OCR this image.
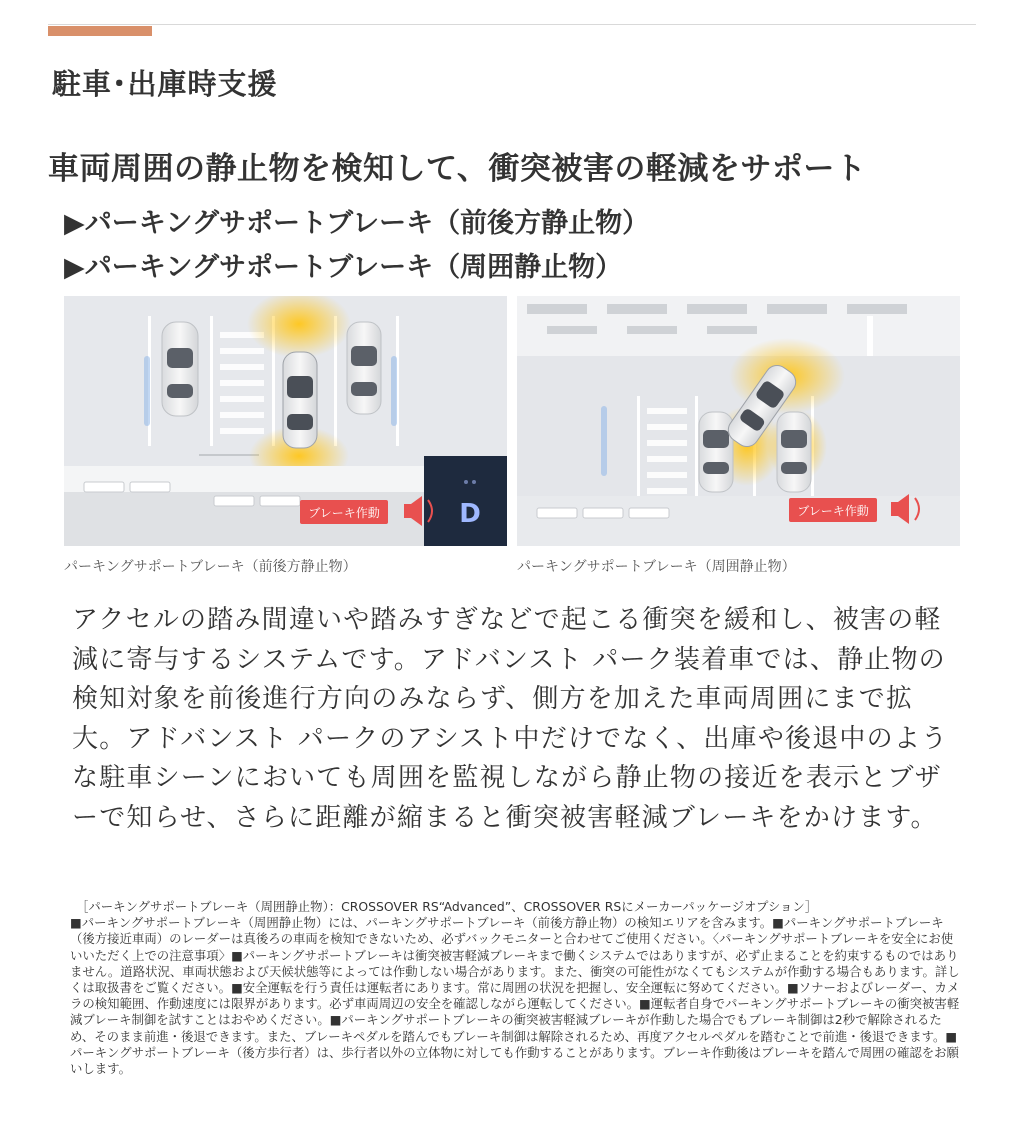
駐車･出庫時支援
車両周囲の静止物を検知して、衝突被害の軽減をサポート
▶パーキングサポートブレーキ（前後方静止物）
▶パーキングサポートブレーキ（周囲静止物）
ブレーキ作動	D	ブレーキ作動
パーキングサポートブレーキ（前後方静止物）	パーキングサポートブレーキ（周囲静止物）
アクセルの踏み間違いや踏みすぎなどで起こる衝突を緩和し、被害の軽減に寄与するシステムです。アドバンスト パーク装着車では、静止物の検知対象を前後進行方向のみならず、側方を加えた車両周囲にまで拡大。アドバンスト パークのアシスト中だけでなく、出庫や後退中のような駐車シーンにおいても周囲を監視しながら静止物の接近を表示とブザーで知らせ、さらに距離が縮まると衝突被害軽減ブレーキをかけます。

［パーキングサポートブレーキ（周囲静止物）：CROSSOVER RS“Advanced”、CROSSOVER RSにメーカーパッケージオプション］

■パーキングサポートブレーキ（周囲静止物）には、パーキングサポートブレーキ（前後方静止物）の検知エリアを含みます。■パーキングサポートブレーキ（後方接近車両）のレーダーは真後ろの車両を検知できないため、必ずバックモニターと合わせてご使用ください。〈パーキングサポートブレーキを安全にお使いいただく上での注意事項〉■パーキングサポートブレーキは衝突被害軽減ブレーキまで働くシステムではありますが、必ず止まることを約束するものではありません。道路状況、車両状態および天候状態等によっては作動しない場合があります。また、衝突の可能性がなくてもシステムが作動する場合もあります。詳しくは取扱書をご覧ください。■安全運転を行う責任は運転者にあります。常に周囲の状況を把握し、安全運転に努めてください。■ソナーおよびレーダー、カメラの検知範囲、作動速度には限界があります。必ず車両周辺の安全を確認しながら運転してください。■運転者自身でパーキングサポートブレーキの衝突被害軽減ブレーキ制御を試すことはおやめください。■パーキングサポートブレーキの衝突被害軽減ブレーキが作動した場合でもブレーキ制御は2秒で解除されるため、そのまま前進・後退できます。また、ブレーキペダルを踏んでもブレーキ制御は解除されるため、再度アクセルペダルを踏むことで前進・後退できます。■パーキングサポートブレーキ（後方歩行者）は、歩行者以外の立体物に対しても作動することがあります。ブレーキ作動後はブレーキを踏んで周囲の確認をお願いします。
